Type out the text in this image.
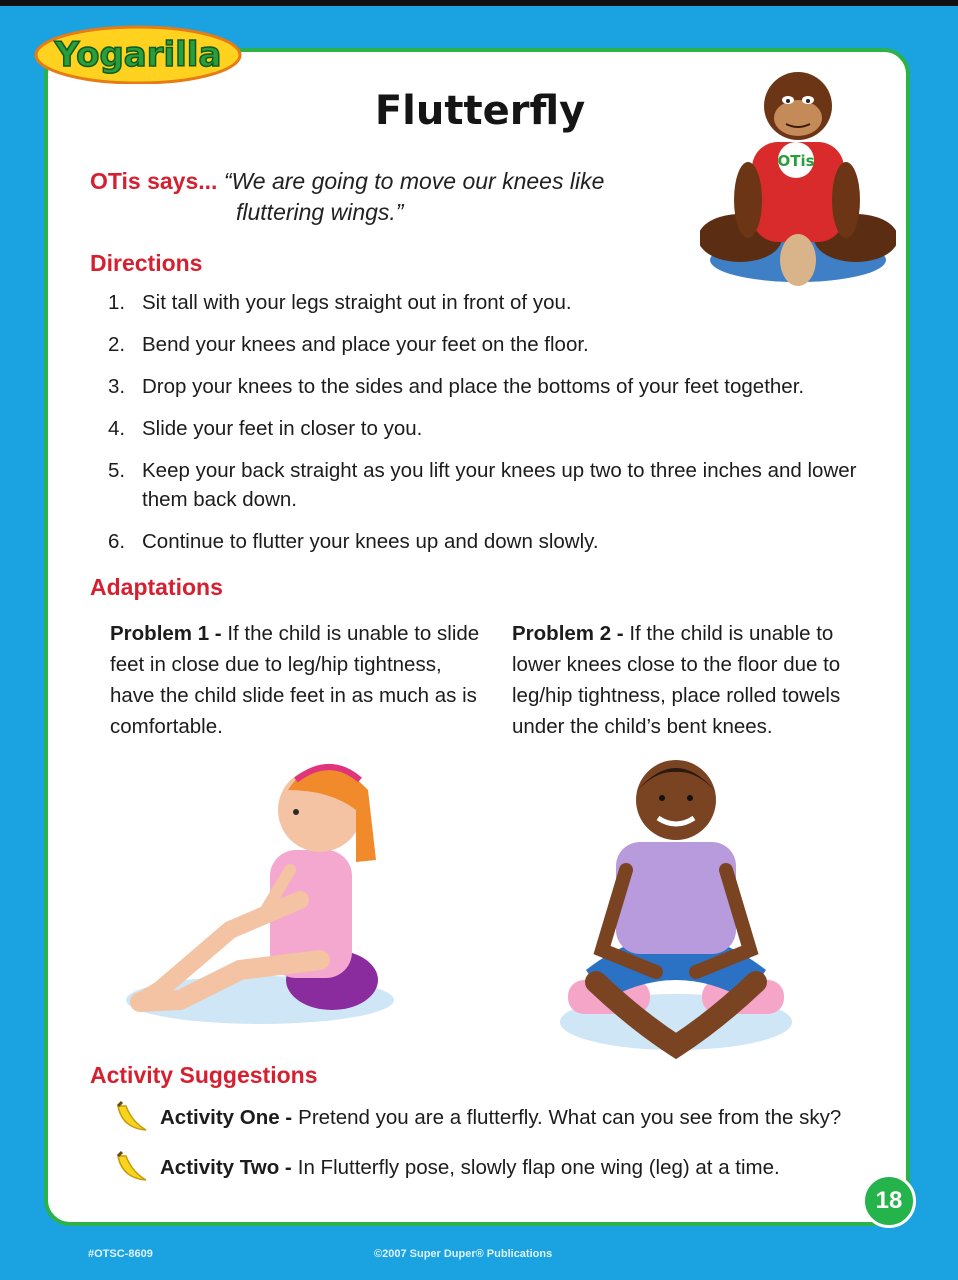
Yogarilla
Flutterfly
OTis
OTis says... “We are going to move our knees like
fluttering wings.”
Directions
1. Sit tall with your legs straight out in front of you.
2. Bend your knees and place your feet on the floor.
3. Drop your knees to the sides and place the bottoms of your feet together.
4. Slide your feet in closer to you.
5. Keep your back straight as you lift your knees up two to three inches and lower them back down.
6. Continue to flutter your knees up and down slowly.
Adaptations
Problem 1 - If the child is unable to slide feet in close due to leg/hip tightness, have the child slide feet in as much as is comfortable.
Problem 2 - If the child is unable to lower knees close to the floor due to leg/hip tightness, place rolled towels under the child’s bent knees.
Activity Suggestions
Activity One - Pretend you are a flutterfly. What can you see from the sky?
Activity Two - In Flutterfly pose, slowly flap one wing (leg) at a time.
18
#OTSC-8609	©2007 Super Duper® Publications
